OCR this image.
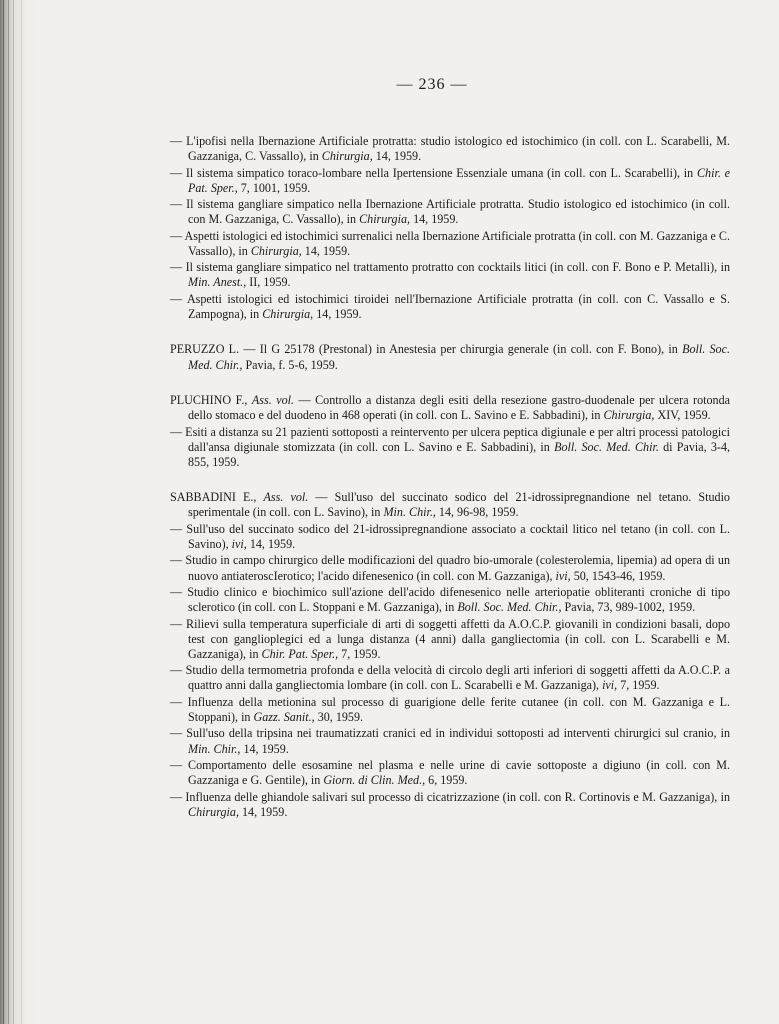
— 236 —

— L'ipofisi nella Ibernazione Artificiale protratta: studio istologico ed istochimico (in coll. con L. Scarabelli, M. Gazzaniga, C. Vassallo), in Chirurgia, 14, 1959.

— Il sistema simpatico toraco-lombare nella Ipertensione Essenziale umana (in coll. con L. Scarabelli), in Chir. e Pat. Sper., 7, 1001, 1959.

— Il sistema gangliare simpatico nella Ibernazione Artificiale protratta. Studio istologico ed istochimico (in coll. con M. Gazzaniga, C. Vassallo), in Chirurgia, 14, 1959.

— Aspetti istologici ed istochimici surrenalici nella Ibernazione Artificiale protratta (in coll. con M. Gazzaniga e C. Vassallo), in Chirurgia, 14, 1959.

— Il sistema gangliare simpatico nel trattamento protratto con cocktails litici (in coll. con F. Bono e P. Metalli), in Min. Anest., II, 1959.

— Aspetti istologici ed istochimici tiroidei nell'Ibernazione Artificiale protratta (in coll. con C. Vassallo e S. Zampogna), in Chirurgia, 14, 1959.

PERUZZO L. — Il G 25178 (Prestonal) in Anestesia per chirurgia generale (in coll. con F. Bono), in Boll. Soc. Med. Chir., Pavia, f. 5-6, 1959.

PLUCHINO F., Ass. vol. — Controllo a distanza degli esiti della resezione gastro-duodenale per ulcera rotonda dello stomaco e del duodeno in 468 operati (in coll. con L. Savino e E. Sabbadini), in Chirurgia, XIV, 1959.

— Esiti a distanza su 21 pazienti sottoposti a reintervento per ulcera peptica digiunale e per altri processi patologici dall'ansa digiunale stomizzata (in coll. con L. Savino e E. Sabbadini), in Boll. Soc. Med. Chir. di Pavia, 3-4, 855, 1959.

SABBADINI E., Ass. vol. — Sull'uso del succinato sodico del 21-idrossipregnandione nel tetano. Studio sperimentale (in coll. con L. Savino), in Min. Chir., 14, 96-98, 1959.

— Sull'uso del succinato sodico del 21-idrossipregnandione associato a cocktail litico nel tetano (in coll. con L. Savino), ivi, 14, 1959.

— Studio in campo chirurgico delle modificazioni del quadro bio-umorale (colesterolemia, lipemia) ad opera di un nuovo antiateroscIerotico; l'acido difenesenico (in coll. con M. Gazzaniga), ivi, 50, 1543-46, 1959.

— Studio clinico e biochimico sull'azione dell'acido difenesenico nelle arteriopatie obliteranti croniche di tipo sclerotico (in coll. con L. Stoppani e M. Gazzaniga), in Boll. Soc. Med. Chir., Pavia, 73, 989-1002, 1959.

— Rilievi sulla temperatura superficiale di arti di soggetti affetti da A.O.C.P. giovanili in condizioni basali, dopo test con ganglioplegici ed a lunga distanza (4 anni) dalla gangliectomia (in coll. con L. Scarabelli e M. Gazzaniga), in Chir. Pat. Sper., 7, 1959.

— Studio della termometria profonda e della velocità di circolo degli arti inferiori di soggetti affetti da A.O.C.P. a quattro anni dalla gangliectomia lombare (in coll. con L. Scarabelli e M. Gazzaniga), ivi, 7, 1959.

— Influenza della metionina sul processo di guarigione delle ferite cutanee (in coll. con M. Gazzaniga e L. Stoppani), in Gazz. Sanit., 30, 1959.

— Sull'uso della tripsina nei traumatizzati cranici ed in individui sottoposti ad interventi chirurgici sul cranio, in Min. Chir., 14, 1959.

— Comportamento delle esosamine nel plasma e nelle urine di cavie sottoposte a digiuno (in coll. con M. Gazzaniga e G. Gentile), in Giorn. di Clin. Med., 6, 1959.

— Influenza delle ghiandole salivari sul processo di cicatrizzazione (in coll. con R. Cortinovis e M. Gazzaniga), in Chirurgia, 14, 1959.
